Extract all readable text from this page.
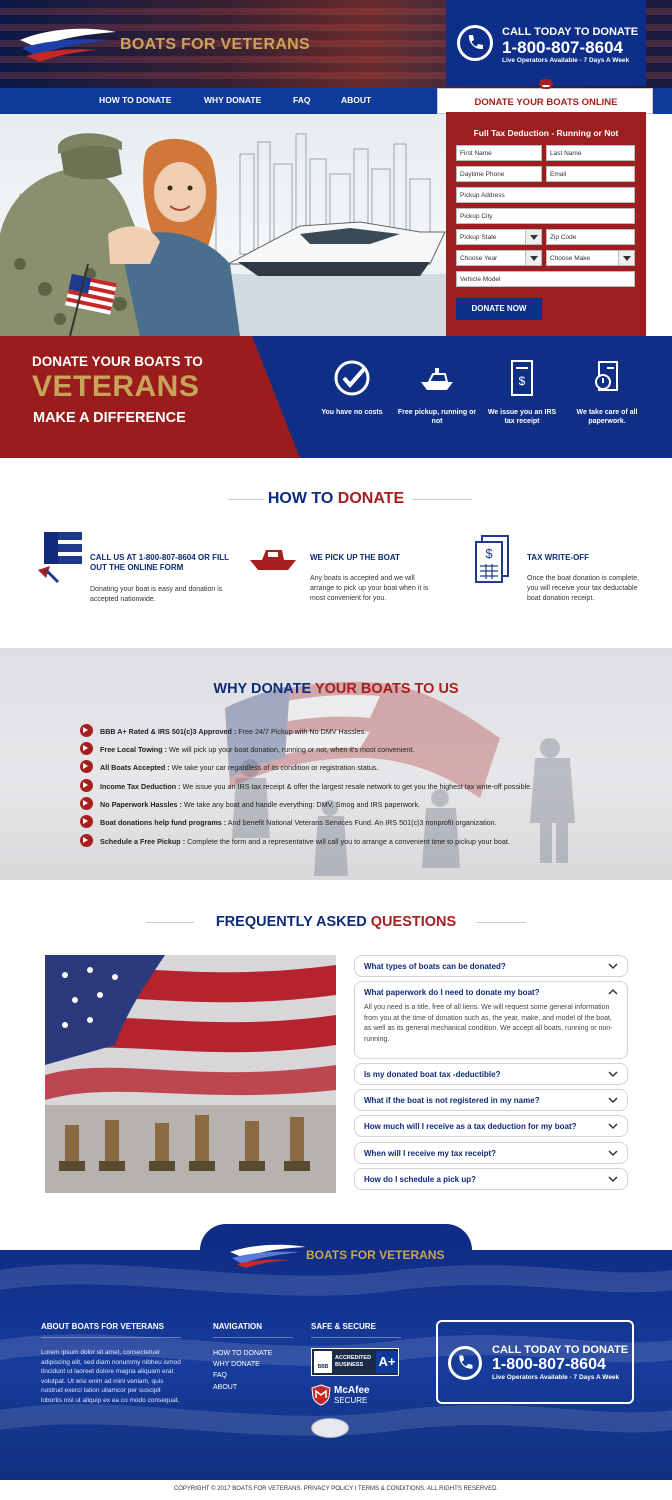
BOATS FOR VETERANS
CALL TODAY TO DONATE
1-800-807-8604
Live Operators Available - 7 Days A Week
HOW TO DONATE	WHY DONATE	FAQ	ABOUT	DONATE YOUR BOATS ONLINE
Full Tax Deduction - Running or Not
First Name	Last Name
Daytime Phone	Email
Pickup Address
Pickup City
Pickup State	Zip Code
Choose Year	Choose Make
Vehicle Model
DONATE NOW
DONATE YOUR BOATS TO
VETERANS
MAKE A DIFFERENCE	You have no costs	Free pickup, running or not
$
We issue you an IRS tax receipt
We take care of all paperwork.
HOW TO DONATE
CALL US AT 1-800-807-8604 OR FILL OUT THE ONLINE FORM
Donating your boat is easy and donation is accepted nationwide.
WE PICK UP THE BOAT
Any boats is accepted and we will arrange to pick up your boat when it is most convenient for you.
$	TAX WRITE-OFF
Once the boat donation is complete, you will receive your tax deductable boat donation receipt.
WHY DONATE YOUR BOATS TO US
BBB A+ Rated & IRS 501(c)3 Approved : Free 24/7 Pickup with No DMV Hassles.
Free Local Towing : We will pick up your boat donation, running or not, when it's most convenient.
All Boats Accepted : We take your car regardless of its condition or registration status.
Income Tax Deduction : We issue you an IRS tax receipt & offer the largest resale network to get you the highest tax write-off possible.
No Paperwork Hassles : We take any boat and handle everything: DMV, Smog and IRS paperwork.
Boat donations help fund programs : And benefit National Veterans Services Fund. An IRS 501(c)3 nonprofit organization.
Schedule a Free Pickup : Complete the form and a representative will call you to arrange a convenient time to pickup your boat.
FREQUENTLY ASKED QUESTIONS
What types of boats can be donated?
What paperwork do I need to donate my boat?
All you need is a title, free of all liens. We will request some general information from you at the time of donation such as, the year, make, and model of the boat, as well as its general mechanical condition. We accept all boats, running or non-running.
Is my donated boat tax -deductible?
What if the boat is not registered in my name?
How much will I receive as a tax deduction for my boat?
When will I receive my tax receipt?
How do I schedule a pick up?
BOATS FOR VETERANS
ABOUT BOATS FOR VETERANS
Lorem ipsum dolor sit amet, consectetuer adipiscing elit, sed diam nonummy nibheu ismod tincidunt ut laoreet dolore magna aliquam erat volutpat. Ut wisi enim ad mini veniam, quis nostrud exerci tation ullamcor per suscipit lobortis nisl ut aliquip ex ea co modo consequat.
NAVIGATION
HOW TO DONATE
WHY DONATE
FAQ
ABOUT
SAFE & SECURE
BBB
ACCREDITED BUSINESS	A+
McAfee
SECURE
CALL TODAY TO DONATE
1-800-807-8604
Live Operators Available - 7 Days A Week
COPYRIGHT © 2017 BOATS FOR VETERANS. PRIVACY POLICY I TERMS & CONDITIONS. ALL RIGHTS RESERVED.
